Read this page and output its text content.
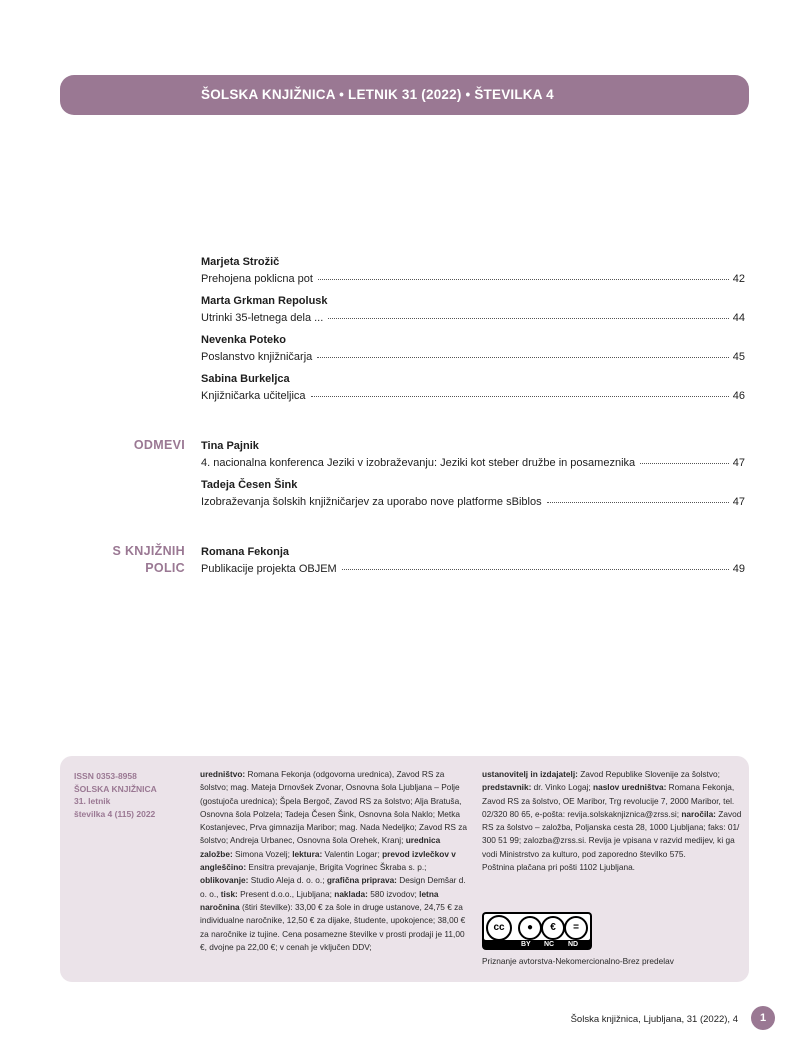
ŠOLSKA KNJIŽNICA • LETNIK 31 (2022) • ŠTEVILKA 4
Marjeta Strožič
Prehojena poklicna pot	42
Marta Grkman Repolusk
Utrinki 35-letnega dela ...	44
Nevenka Poteko
Poslanstvo knjižničarja	45
Sabina Burkeljca
Knjižničarka učiteljica	46
ODMEVI Tina Pajnik
4. nacionalna konferenca Jeziki v izobraževanju: Jeziki kot steber družbe in posameznika	47
Tadeja Česen Šink
Izobraževanja šolskih knjižničarjev za uporabo nove platforme sBiblos	47
S KNJIŽNIH
POLIC
Romana Fekonja
Publikacije projekta OBJEM	49
ISSN 0353-8958
ŠOLSKA KNJIŽNICA
31. letnik
številka 4 (115) 2022
uredništvo: Romana Fekonja (odgovorna urednica), Zavod RS za šolstvo; mag. Mateja Drnovšek Zvonar, Osnovna šola Ljubljana – Polje (gostujoča urednica); Špela Bergoč, Zavod RS za šolstvo; Alja Bratuša, Osnovna šola Polzela; Tadeja Česen Šink, Osnovna šola Naklo; Metka Kostanjevec, Prva gimnazija Maribor; mag. Nada Nedeljko; Zavod RS za šolstvo; Andreja Urbanec, Osnovna šola Orehek, Kranj; urednica založbe: Simona Vozelj; lektura: Valentin Logar; prevod izvlečkov v angleščino: Ensitra prevajanje, Brigita Vogrinec Škraba s. p.; oblikovanje: Studio Aleja d. o. o.; grafična priprava: Design Demšar d. o. o., tisk: Present d.o.o., Ljubljana; naklada: 580 izvodov; letna naročnina (štiri številke): 33,00 € za šole in druge ustanove, 24,75 € za individualne naročnike, 12,50 € za dijake, študente, upokojence; 38,00 € za naročnike iz tujine. Cena posamezne številke v prosti prodaji je 11,00 €, dvojne pa 22,00 €; v cenah je vključen DDV;
ustanovitelj in izdajatelj: Zavod Republike Slovenije za šolstvo; predstavnik: dr. Vinko Logaj; naslov uredništva: Romana Fekonja, Zavod RS za šolstvo, OE Maribor, Trg revolucije 7, 2000 Maribor, tel. 02/320 80 65, e-pošta: revija.solskaknjiznica@zrss.si; naročila: Zavod RS za šolstvo – založba, Poljanska cesta 28, 1000 Ljubljana; faks: 01/ 300 51 99; zalozba@zrss.si. Revija je vpisana v razvid medijev, ki ga vodi Ministrstvo za kulturo, pod zaporedno številko 575.
Poštnina plačana pri pošti 1102 Ljubljana.
cc	●	€	=
BY NC ND
Priznanje avtorstva-Nekomercionalno-Brez predelav
Šolska knjižnica, Ljubljana, 31 (2022), 4	1
